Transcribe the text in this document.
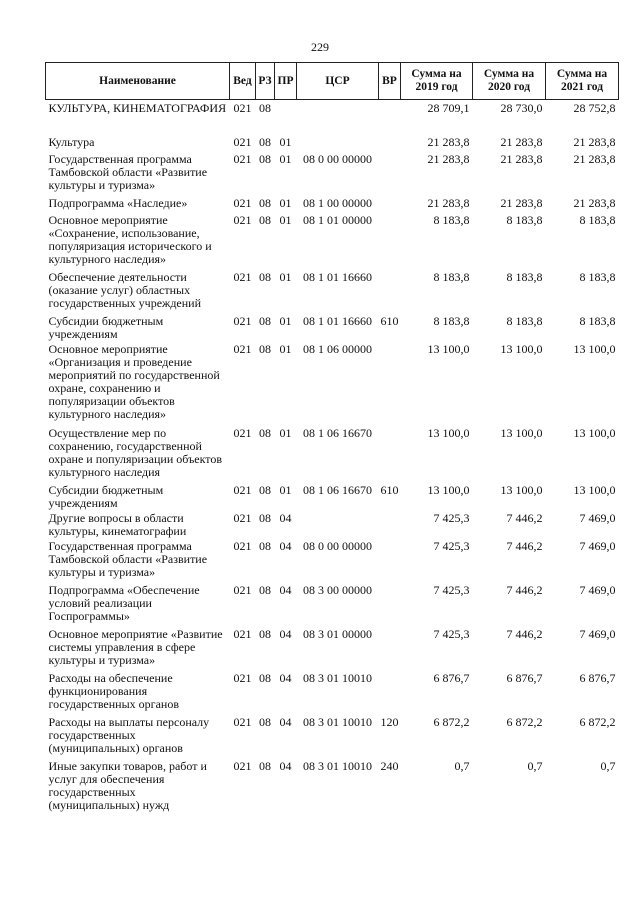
229
Наименование	Вед	РЗ	ПР	ЦСР	ВР	Сумма на 2019 год	Сумма на 2020 год	Сумма на 2021 год
КУЛЬТУРА, КИНЕМАТОГРАФИЯ	021	08				28 709,1	28 730,0	28 752,8
Культура	021	08	01			21 283,8	21 283,8	21 283,8
Государственная программа Тамбовской области «Развитие культуры и туризма»	021	08	01	08 0 00 00000		21 283,8	21 283,8	21 283,8
Подпрограмма «Наследие»	021	08	01	08 1 00 00000		21 283,8	21 283,8	21 283,8
Основное мероприятие «Сохранение, использование, популяризация исторического и культурного наследия»	021	08	01	08 1 01 00000		8 183,8	8 183,8	8 183,8
Обеспечение деятельности (оказание услуг) областных государственных учреждений	021	08	01	08 1 01 16660		8 183,8	8 183,8	8 183,8
Субсидии бюджетным учреждениям	021	08	01	08 1 01 16660	610	8 183,8	8 183,8	8 183,8
Основное мероприятие «Организация и проведение мероприятий по государственной охране, сохранению и популяризации объектов культурного наследия»	021	08	01	08 1 06 00000		13 100,0	13 100,0	13 100,0
Осуществление мер по сохранению, государственной охране и популяризации объектов культурного наследия	021	08	01	08 1 06 16670		13 100,0	13 100,0	13 100,0
Субсидии бюджетным учреждениям	021	08	01	08 1 06 16670	610	13 100,0	13 100,0	13 100,0
Другие вопросы в области культуры, кинематографии	021	08	04			7 425,3	7 446,2	7 469,0
Государственная программа Тамбовской области «Развитие культуры и туризма»	021	08	04	08 0 00 00000		7 425,3	7 446,2	7 469,0
Подпрограмма «Обеспечение условий реализации Госпрограммы»	021	08	04	08 3 00 00000		7 425,3	7 446,2	7 469,0
Основное мероприятие «Развитие системы управления в сфере культуры и туризма»	021	08	04	08 3 01 00000		7 425,3	7 446,2	7 469,0
Расходы на обеспечение функционирования государственных органов	021	08	04	08 3 01 10010		6 876,7	6 876,7	6 876,7
Расходы на выплаты персоналу государственных (муниципальных) органов	021	08	04	08 3 01 10010	120	6 872,2	6 872,2	6 872,2
Иные закупки товаров, работ и услуг для обеспечения государственных (муниципальных) нужд	021	08	04	08 3 01 10010	240	0,7	0,7	0,7
